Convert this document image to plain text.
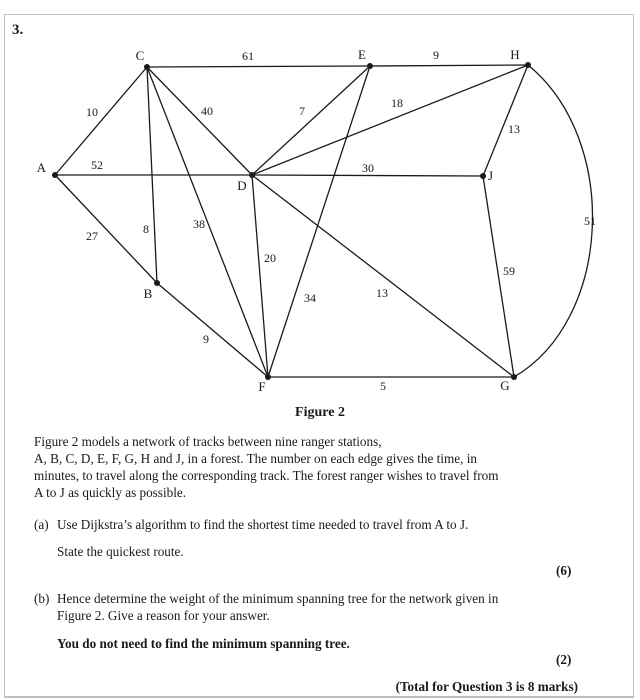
3.
10
52
27
61
40
8	38
9
7
34
18
13
51
30
20
13
9
5
59
A
B
C
D
E
F	G
H
J
Figure 2
Figure 2 models a network of tracks between nine ranger stations,
A, B, C, D, E, F, G, H and J, in a forest. The number on each edge gives the time, in
minutes, to travel along the corresponding track. The forest ranger wishes to travel from
A to J as quickly as possible.
(a) Use Dijkstra’s algorithm to find the shortest time needed to travel from A to J.
State the quickest route.
(6)
(b) Hence determine the weight of the minimum spanning tree for the network given in
Figure 2. Give a reason for your answer.
You do not need to find the minimum spanning tree.
(2)
(Total for Question 3 is 8 marks)
